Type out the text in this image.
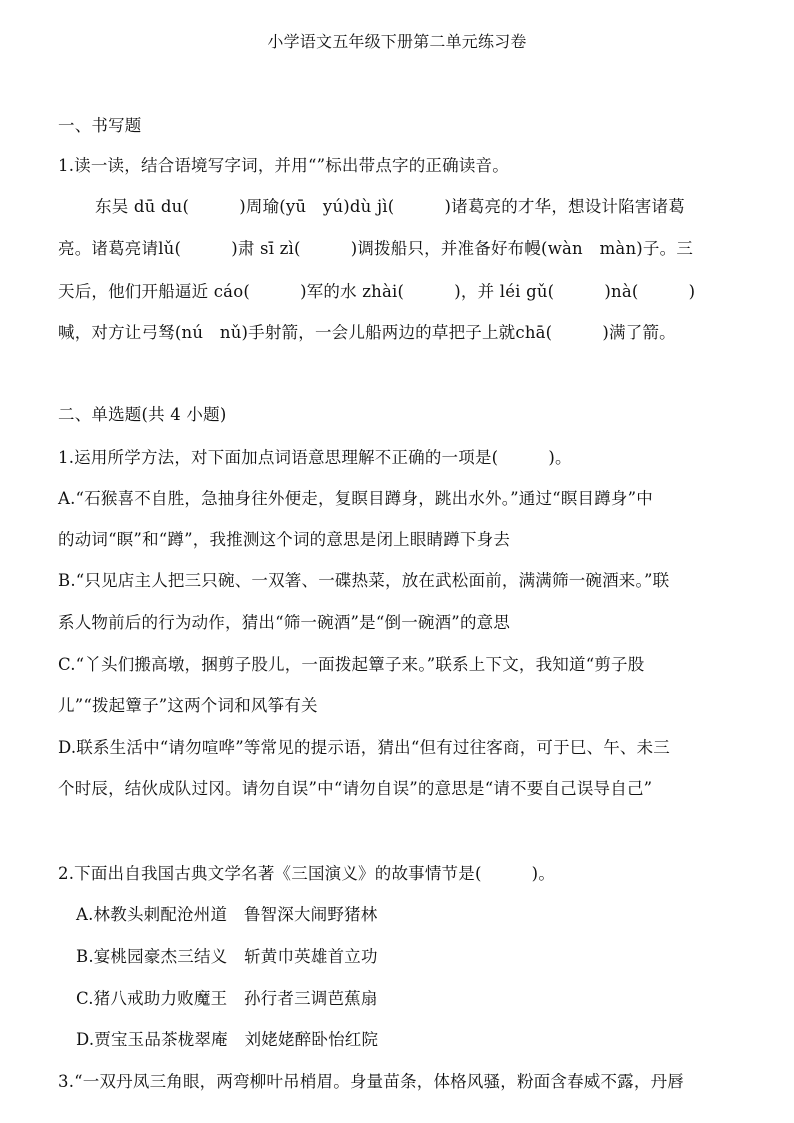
小学语文五年级下册第二单元练习卷
一、书写题
1.读一读，结合语境写字词，并用“”标出带点字的正确读音。
东吴 dū du(　　　)周瑜(yū　yú)dù jì(　　　)诸葛亮的才华，想设计陷害诸葛
亮。诸葛亮请lǔ(　　　)肃 sī zì(　　　)调拨船只，并准备好布幔(wàn　màn)子。三
天后，他们开船逼近 cáo(　　　)军的水 zhài(　　　)，并 léi gǔ(　　　)nà(　　　)
喊，对方让弓驽(nú　nǔ)手射箭，一会儿船两边的草把子上就chā(　　　)满了箭。
二、单选题(共 4 小题)
1.运用所学方法，对下面加点词语意思理解不正确的一项是(　　　)。
A.“石猴喜不自胜，急抽身往外便走，复瞑目蹲身，跳出水外。”通过“瞑目蹲身”中
的动词“瞑”和“蹲”，我推测这个词的意思是闭上眼睛蹲下身去
B.“只见店主人把三只碗、一双箸、一碟热菜，放在武松面前，满满筛一碗酒来。”联
系人物前后的行为动作，猜出“筛一碗酒”是“倒一碗酒”的意思
C.“丫头们搬高墩，捆剪子股儿，一面拨起簟子来。”联系上下文，我知道“剪子股
儿”“拨起簟子”这两个词和风筝有关
D.联系生活中“请勿喧哗”等常见的提示语，猜出“但有过往客商，可于巳、午、未三
个时辰，结伙成队过冈。请勿自误”中“请勿自误”的意思是“请不要自己误导自己”
2.下面出自我国古典文学名著《三国演义》的故事情节是(　　　)。
A.林教头刺配沧州道　鲁智深大闹野猪林
B.宴桃园豪杰三结义　斩黄巾英雄首立功
C.猪八戒助力败魔王　孙行者三调芭蕉扇
D.贾宝玉品茶栊翠庵　刘姥姥醉卧怡红院
3.“一双丹凤三角眼，两弯柳叶吊梢眉。身量苗条，体格风骚，粉面含春威不露，丹唇
